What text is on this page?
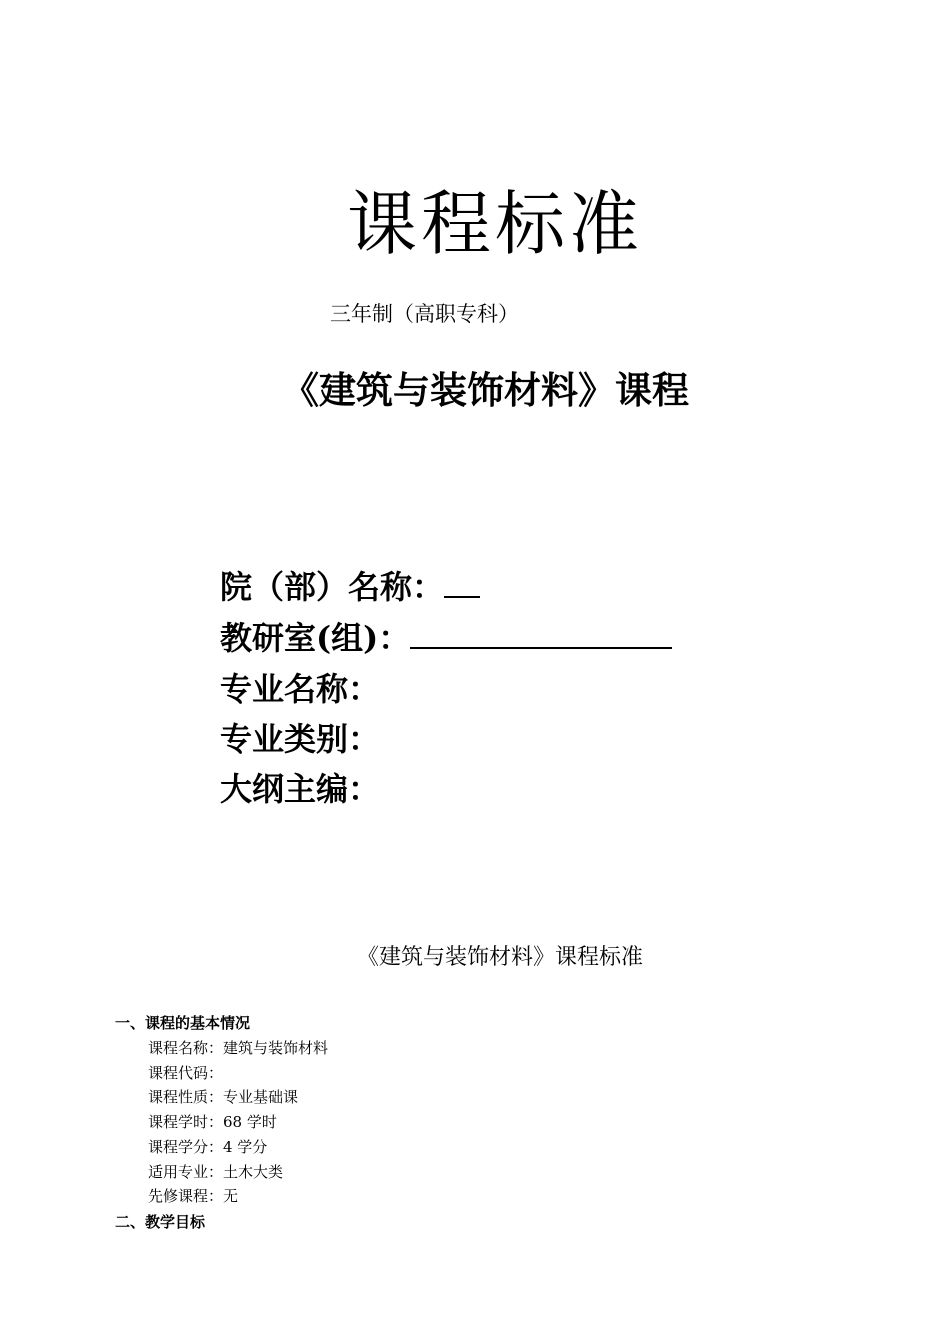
课程标准
三年制（高职专科）
《建筑与装饰材料》课程
院（部）名称：
教研室(组)：
专业名称：
专业类别：
大纲主编：
《建筑与装饰材料》课程标准
一、课程的基本情况
课程名称：建筑与装饰材料
课程代码：
课程性质：专业基础课
课程学时：68 学时
课程学分：4 学分
适用专业：土木大类
先修课程：无
二、教学目标
